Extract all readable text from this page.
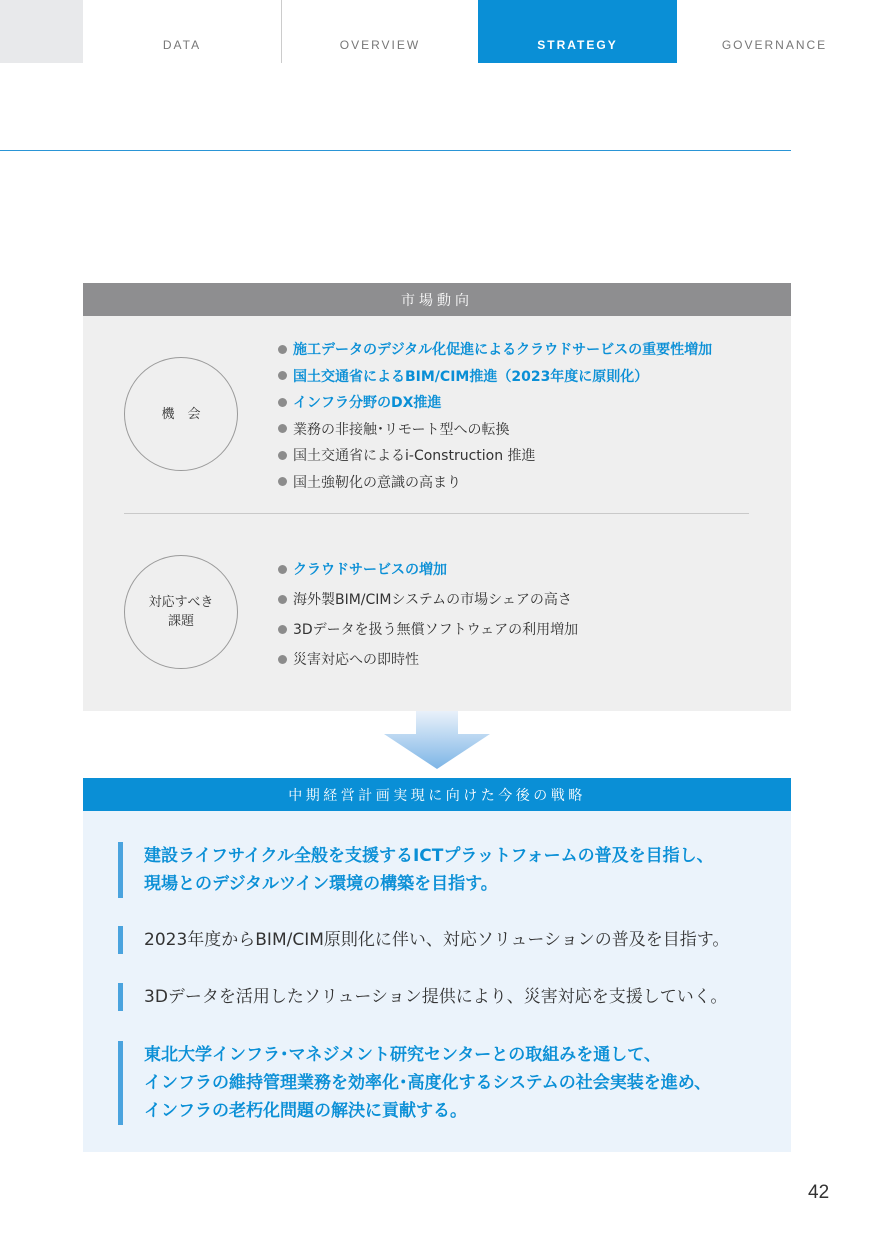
DATA	OVERVIEW	STRATEGY	GOVERNANCE
市場動向
機　会
施工データのデジタル化促進によるクラウドサービスの重要性増加
国土交通省によるBIM/CIM推進（2023年度に原則化）
インフラ分野のDX推進
業務の非接触･リモート型への転換
国土交通省によるi-Construction 推進
国土強靭化の意識の高まり
対応すべき
課題
クラウドサービスの増加
海外製BIM/CIMシステムの市場シェアの高さ
3Dデータを扱う無償ソフトウェアの利用増加
災害対応への即時性
中期経営計画実現に向けた今後の戦略
建設ライフサイクル全般を支援するICTプラットフォームの普及を目指し、
現場とのデジタルツイン環境の構築を目指す。
2023年度からBIM/CIM原則化に伴い、対応ソリューションの普及を目指す。
3Dデータを活用したソリューション提供により、災害対応を支援していく。
東北大学インフラ･マネジメント研究センターとの取組みを通して、
インフラの維持管理業務を効率化･高度化するシステムの社会実装を進め、
インフラの老朽化問題の解決に貢献する。
42
